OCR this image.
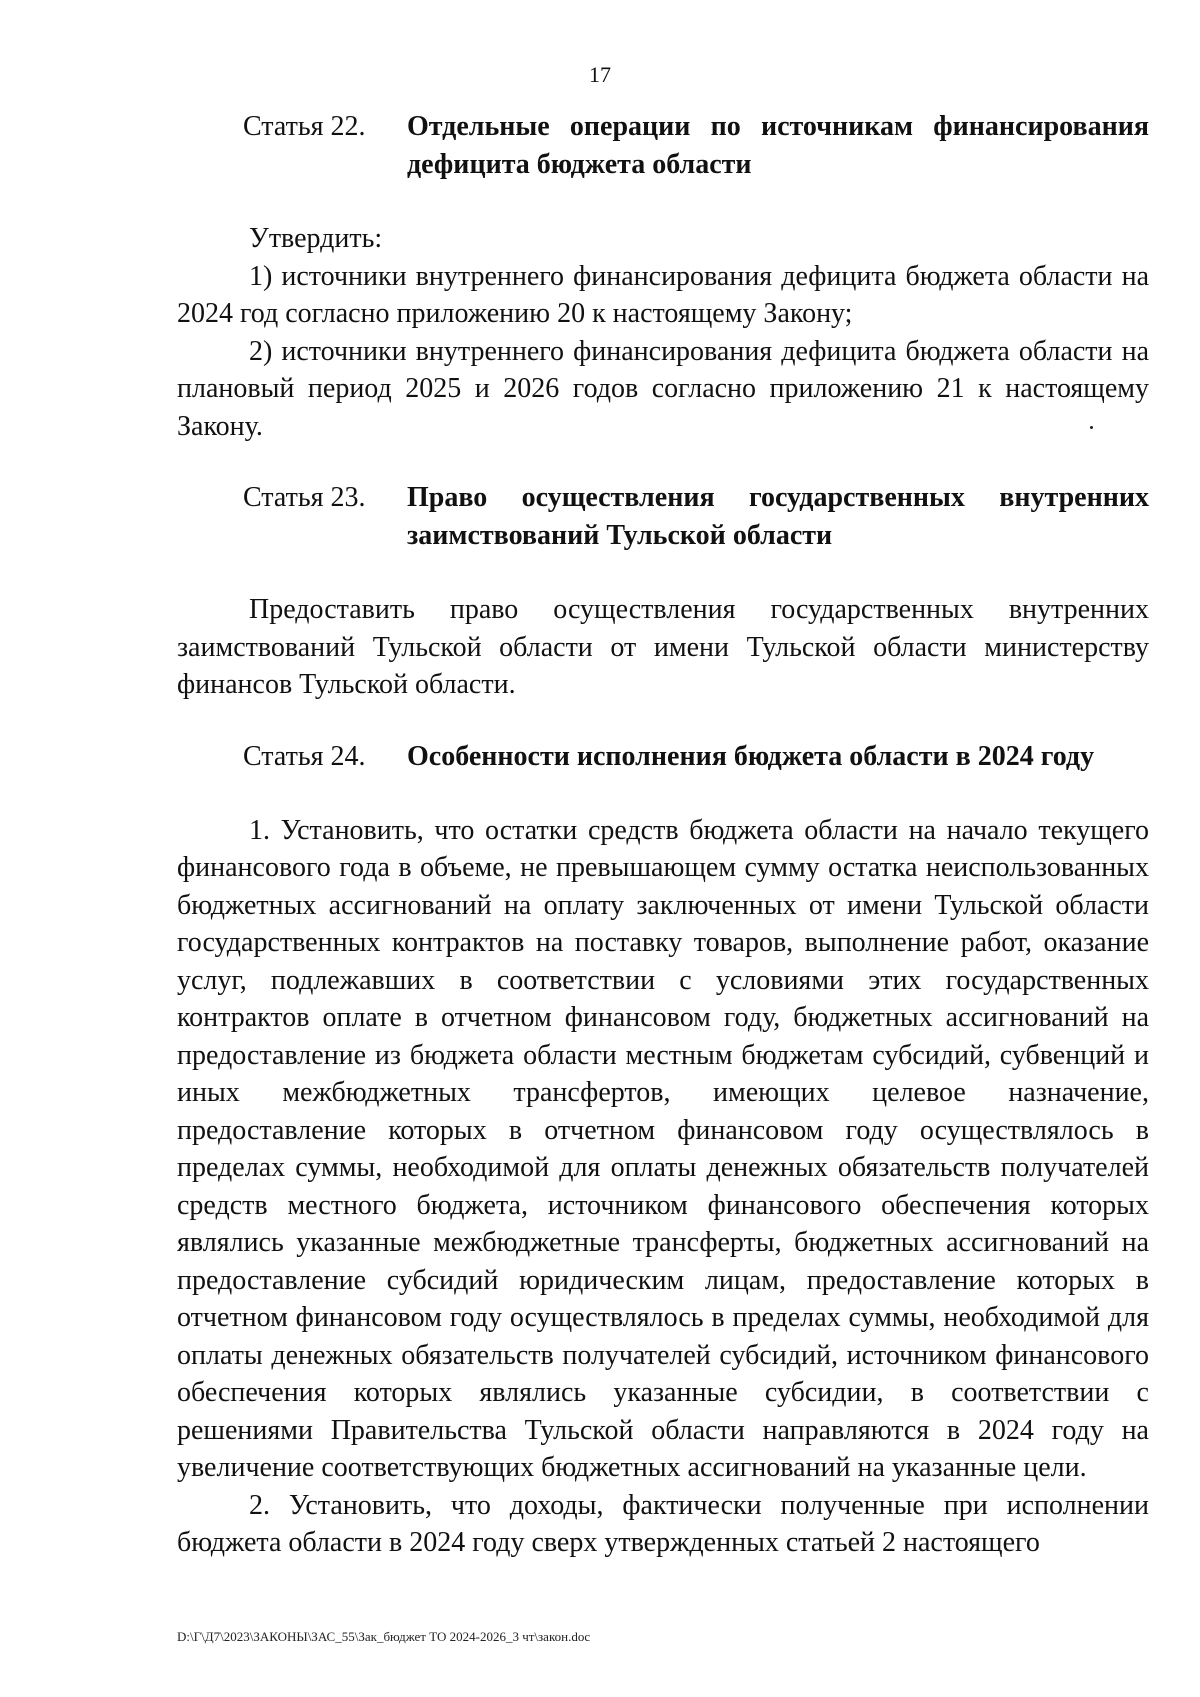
17
Статья 22.	Отдельные операции по источникам финансирования дефицита бюджета области

Утвердить:

1) источники внутреннего финансирования дефицита бюджета области на 2024 год согласно приложению 20 к настоящему Закону;

2) источники внутреннего финансирования дефицита бюджета области на плановый период 2025 и 2026 годов согласно приложению 21 к настоящему Закону.

Статья 23.	Право осуществления государственных внутренних заимствований Тульской области

Предоставить право осуществления государственных внутренних заимствований Тульской области от имени Тульской области министерству финансов Тульской области.

Статья 24.	Особенности исполнения бюджета области в 2024 году

1. Установить, что остатки средств бюджета области на начало текущего финансового года в объеме, не превышающем сумму остатка неиспользованных бюджетных ассигнований на оплату заключенных от имени Тульской области государственных контрактов на поставку товаров, выполнение работ, оказание услуг, подлежавших в соответствии с условиями этих государственных контрактов оплате в отчетном финансовом году, бюджетных ассигнований на предоставление из бюджета области местным бюджетам субсидий, субвенций и иных межбюджетных трансфертов, имеющих целевое назначение, предоставление которых в отчетном финансовом году осуществлялось в пределах суммы, необходимой для оплаты денежных обязательств получателей средств местного бюджета, источником финансового обеспечения которых являлись указанные межбюджетные трансферты, бюджетных ассигнований на предоставление субсидий юридическим лицам, предоставление которых в отчетном финансовом году осуществлялось в пределах суммы, необходимой для оплаты денежных обязательств получателей субсидий, источником финансового обеспечения которых являлись указанные субсидии, в соответствии с решениями Правительства Тульской области направляются в 2024 году на увеличение соответствующих бюджетных ассигнований на указанные цели.

2. Установить, что доходы, фактически полученные при исполнении бюджета области в 2024 году сверх утвержденных статьей 2 настоящего

D:\Г\Д7\2023\ЗАКОНЫ\ЗАС_55\Зак_бюджет ТО 2024-2026_3 чт\закон.doc
